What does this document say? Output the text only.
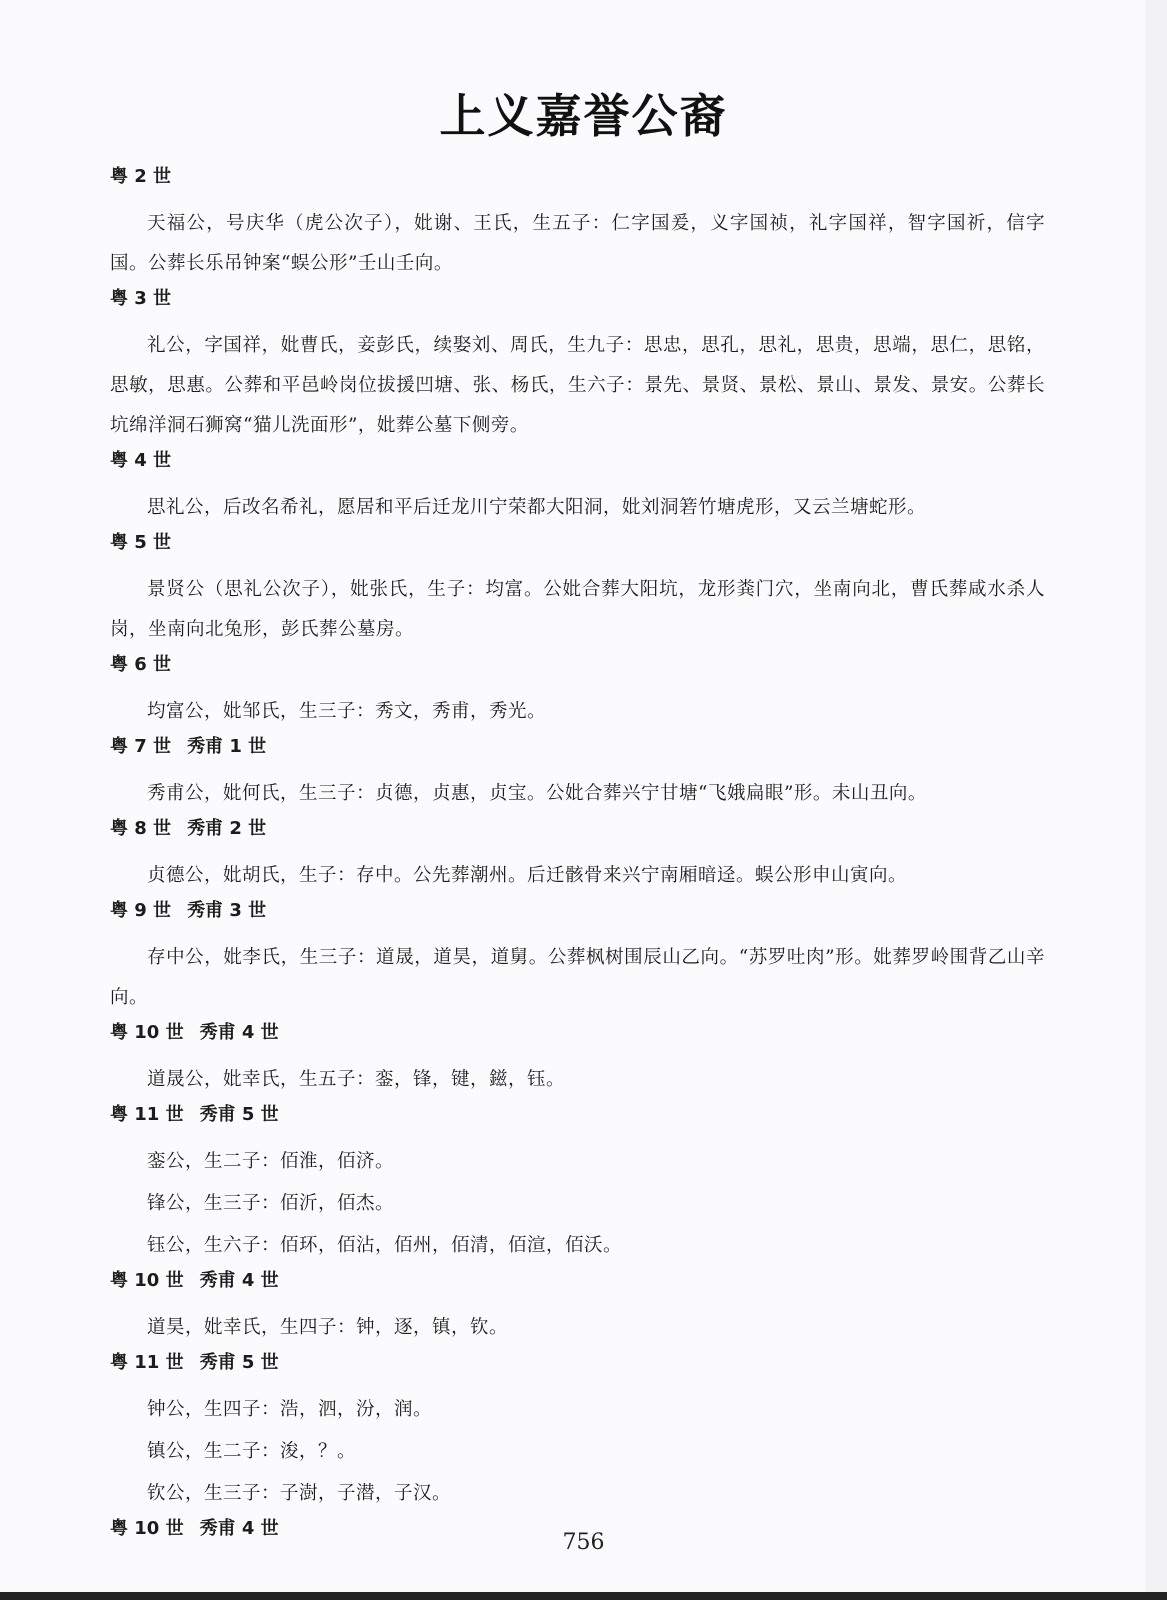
上义嘉誉公裔
粤 2 世

天福公，号庆华（虎公次子），妣谢、王氏，生五子：仁字国爰，义字国祯，礼字国祥，智字国祈，信字国。公葬长乐吊钟案“蜈公形”壬山壬向。

粤 3 世

礼公，字国祥，妣曹氏，妾彭氏，续娶刘、周氏，生九子：思忠，思孔，思礼，思贵，思端，思仁，思铭，思敏，思惠。公葬和平邑岭岗位拔援凹塘、张、杨氏，生六子：景先、景贤、景松、景山、景发、景安。公葬长坑绵洋洞石狮窝“猫儿洗面形”，妣葬公墓下侧旁。

粤 4 世

思礼公，后改名希礼，愿居和平后迁龙川宁荣都大阳洞，妣刘洞箬竹塘虎形，又云兰塘蛇形。

粤 5 世

景贤公（思礼公次子），妣张氏，生子：均富。公妣合葬大阳坑，龙形粪门穴，坐南向北，曹氏葬咸水杀人岗，坐南向北兔形，彭氏葬公墓房。

粤 6 世

均富公，妣邹氏，生三子：秀文，秀甫，秀光。

粤 7 世 秀甫 1 世

秀甫公，妣何氏，生三子：贞德，贞惠，贞宝。公妣合葬兴宁甘塘“飞娥扁眼”形。未山丑向。

粤 8 世 秀甫 2 世

贞德公，妣胡氏，生子：存中。公先葬潮州。后迁骸骨来兴宁南厢暗迳。蜈公形申山寅向。

粤 9 世 秀甫 3 世

存中公，妣李氏，生三子：道晟，道昊，道舅。公葬枫树围辰山乙向。“苏罗吐肉”形。妣葬罗岭围背乙山辛向。

粤 10 世 秀甫 4 世

道晟公，妣幸氏，生五子：銮，锋，键，鎡，钰。

粤 11 世 秀甫 5 世

銮公，生二子：佰淮，佰济。

锋公，生三子：佰沂，佰杰。

钰公，生六子：佰环，佰沾，佰州，佰清，佰渲，佰沃。

粤 10 世 秀甫 4 世

道昊，妣幸氏，生四子：钟，逐，镇，钦。

粤 11 世 秀甫 5 世

钟公，生四子：浩，泗，汾，润。

镇公，生二子：浚，？。

钦公，生三子：子澍，子潜，子汉。

粤 10 世 秀甫 4 世
756
